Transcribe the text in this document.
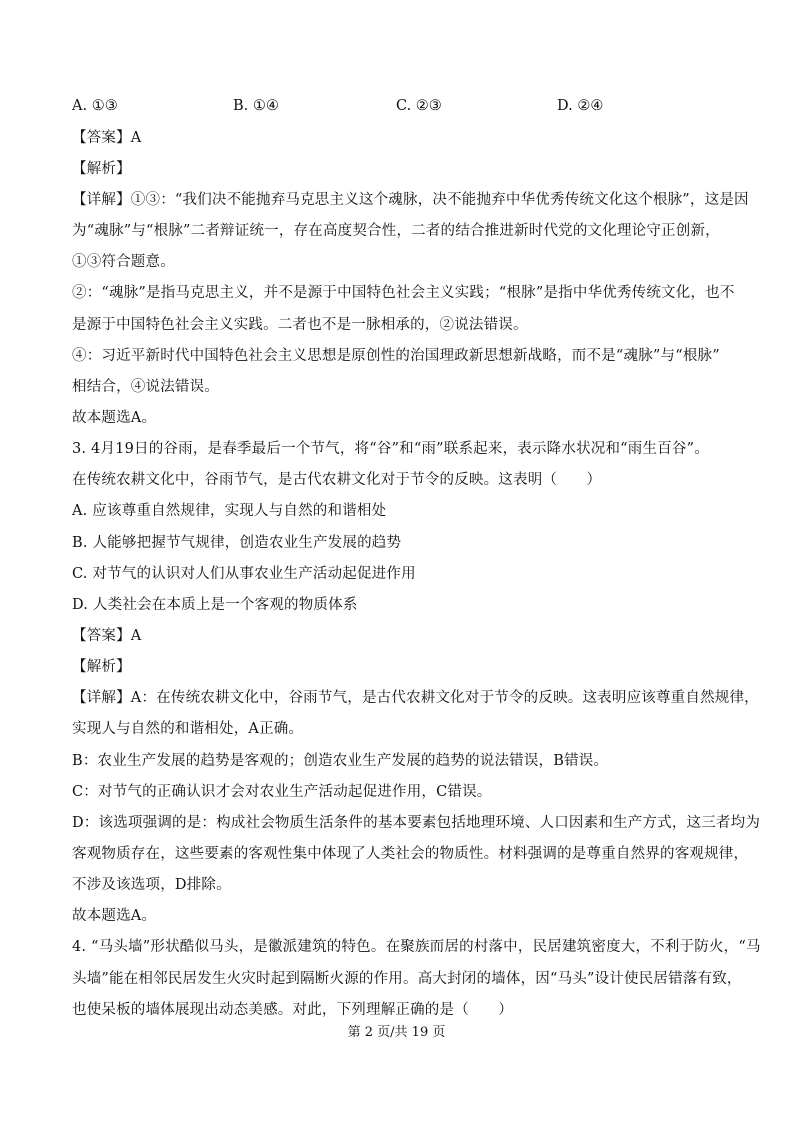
A. ①③	B. ①④	C. ②③	D. ②④
【答案】A
【解析】
【详解】①③：“我们决不能抛弃马克思主义这个魂脉，决不能抛弃中华优秀传统文化这个根脉”，这是因
为“魂脉”与“根脉”二者辩证统一，存在高度契合性，二者的结合推进新时代党的文化理论守正创新，
①③符合题意。
②：“魂脉”是指马克思主义，并不是源于中国特色社会主义实践；“根脉”是指中华优秀传统文化，也不
是源于中国特色社会主义实践。二者也不是一脉相承的，②说法错误。
④：习近平新时代中国特色社会主义思想是原创性的治国理政新思想新战略，而不是“魂脉”与“根脉”
相结合，④说法错误。
故本题选A。
3. 4月19日的谷雨，是春季最后一个节气，将“谷”和“雨”联系起来，表示降水状况和“雨生百谷”。
在传统农耕文化中，谷雨节气，是古代农耕文化对于节令的反映。这表明（　　）
A. 应该尊重自然规律，实现人与自然的和谐相处
B. 人能够把握节气规律，创造农业生产发展的趋势
C. 对节气的认识对人们从事农业生产活动起促进作用
D. 人类社会在本质上是一个客观的物质体系
【答案】A
【解析】
【详解】A：在传统农耕文化中，谷雨节气，是古代农耕文化对于节令的反映。这表明应该尊重自然规律，
实现人与自然的和谐相处，A正确。
B：农业生产发展的趋势是客观的；创造农业生产发展的趋势的说法错误，B错误。
C：对节气的正确认识才会对农业生产活动起促进作用，C错误。
D：该选项强调的是：构成社会物质生活条件的基本要素包括地理环境、人口因素和生产方式，这三者均为
客观物质存在，这些要素的客观性集中体现了人类社会的物质性。材料强调的是尊重自然界的客观规律，
不涉及该选项，D排除。
故本题选A。
4. “马头墙”形状酷似马头，是徽派建筑的特色。在聚族而居的村落中，民居建筑密度大，不利于防火，“马
头墙”能在相邻民居发生火灾时起到隔断火源的作用。高大封闭的墙体，因“马头”设计使民居错落有致，
也使呆板的墙体展现出动态美感。对此，下列理解正确的是（　　）
第 2 页/共 19 页
